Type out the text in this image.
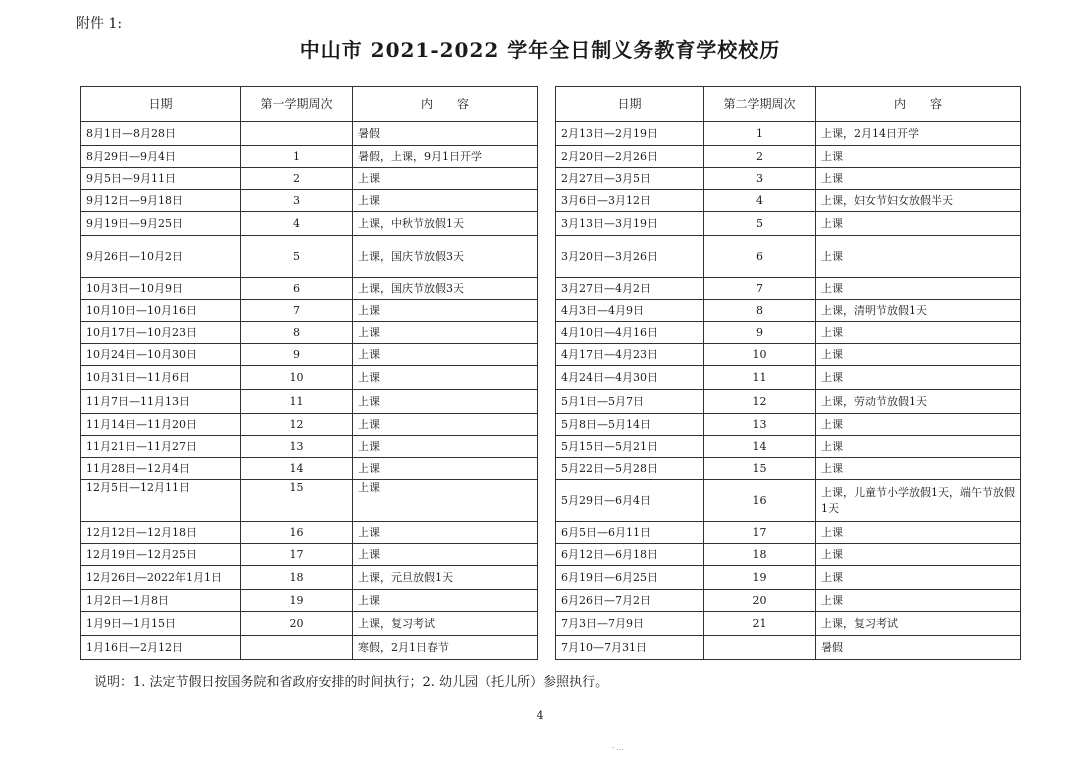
附件 1:
中山市 2021-2022 学年全日制义务教育学校校历
日期	第一学期周次	内　　容
8月1日—8月28日		暑假
8月29日—9月4日	1	暑假，上课，9月1日开学
9月5日—9月11日	2	上课
9月12日—9月18日	3	上课
9月19日—9月25日	4	上课，中秋节放假1天
9月26日—10月2日	5	上课，国庆节放假3天
10月3日—10月9日	6	上课，国庆节放假3天
10月10日—10月16日	7	上课
10月17日—10月23日	8	上课
10月24日—10月30日	9	上课
10月31日—11月6日	10	上课
11月7日—11月13日	11	上课
11月14日—11月20日	12	上课
11月21日—11月27日	13	上课
11月28日—12月4日	14	上课
12月5日—12月11日	15	上课
12月12日—12月18日	16	上课
12月19日—12月25日	17	上课
12月26日—2022年1月1日	18	上课，元旦放假1天
1月2日—1月8日	19	上课
1月9日—1月15日	20	上课，复习考试
1月16日—2月12日		寒假，2月1日春节
日期	第二学期周次	内　　容
2月13日—2月19日	1	上课，2月14日开学
2月20日—2月26日	2	上课
2月27日—3月5日	3	上课
3月6日—3月12日	4	上课，妇女节妇女放假半天
3月13日—3月19日	5	上课
3月20日—3月26日	6	上课
3月27日—4月2日	7	上课
4月3日—4月9日	8	上课，清明节放假1天
4月10日—4月16日	9	上课
4月17日—4月23日	10	上课
4月24日—4月30日	11	上课
5月1日—5月7日	12	上课，劳动节放假1天
5月8日—5月14日	13	上课
5月15日—5月21日	14	上课
5月22日—5月28日	15	上课
5月29日—6月4日	16	上课，儿童节小学放假1天，端午节放假1天
6月5日—6月11日	17	上课
6月12日—6月18日	18	上课
6月19日—6月25日	19	上课
6月26日—7月2日	20	上课
7月3日—7月9日	21	上课，复习考试
7月10—7月31日		暑假
说明：1. 法定节假日按国务院和省政府安排的时间执行；2. 幼儿园（托儿所）参照执行。
4
- …
